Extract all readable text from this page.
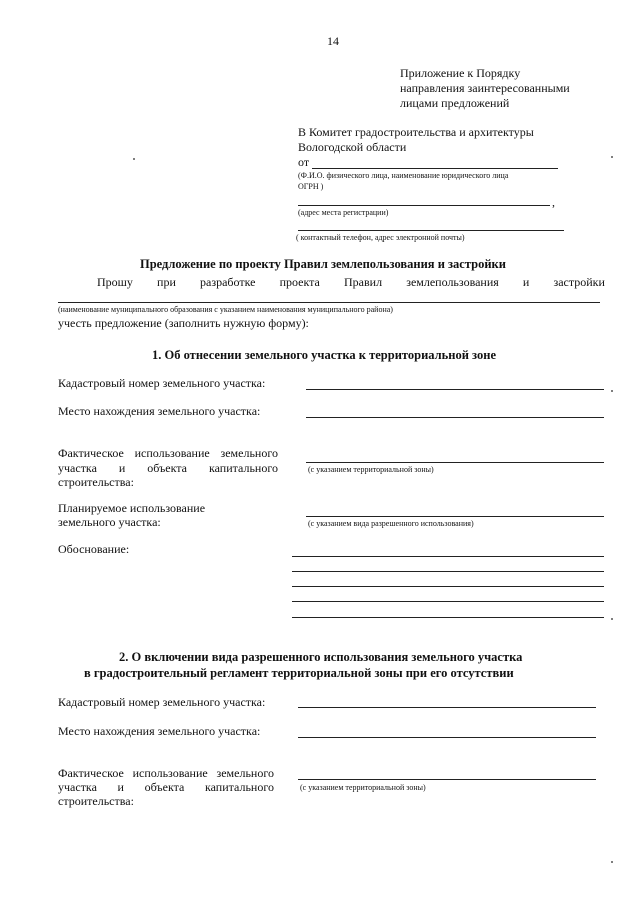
14
Приложение к Порядку
направления заинтересованными
лицами предложений
В Комитет градостроительства и архитектуры
Вологодской области
от
(Ф.И.О. физического лица, наименование юридического лица
ОГРН )
,
(адрес места регистрации)
( контактный телефон, адрес электронной почты)
Предложение по проекту Правил землепользования и застройки
Прошу при разработке проекта Правил землепользования и застройки
(наименование муниципального образования с указанием наименования муниципального района)
учесть предложение (заполнить нужную форму):
1. Об отнесении земельного участка к территориальной зоне
Кадастровый номер земельного участка:
Место нахождения земельного участка:
Фактическое использование земельного
участка и объекта капитального
строительства:
(с указанием территориальной зоны)
Планируемое использование
земельного участка:	(с указанием вида разрешенного использования)
Обоснование:
2. О включении вида разрешенного использования земельного участка
в градостроительный регламент территориальной зоны при его отсутствии
Кадастровый номер земельного участка:
Место нахождения земельного участка:
Фактическое использование земельного
участка и объекта капитального
строительства:
(с указанием территориальной зоны)
